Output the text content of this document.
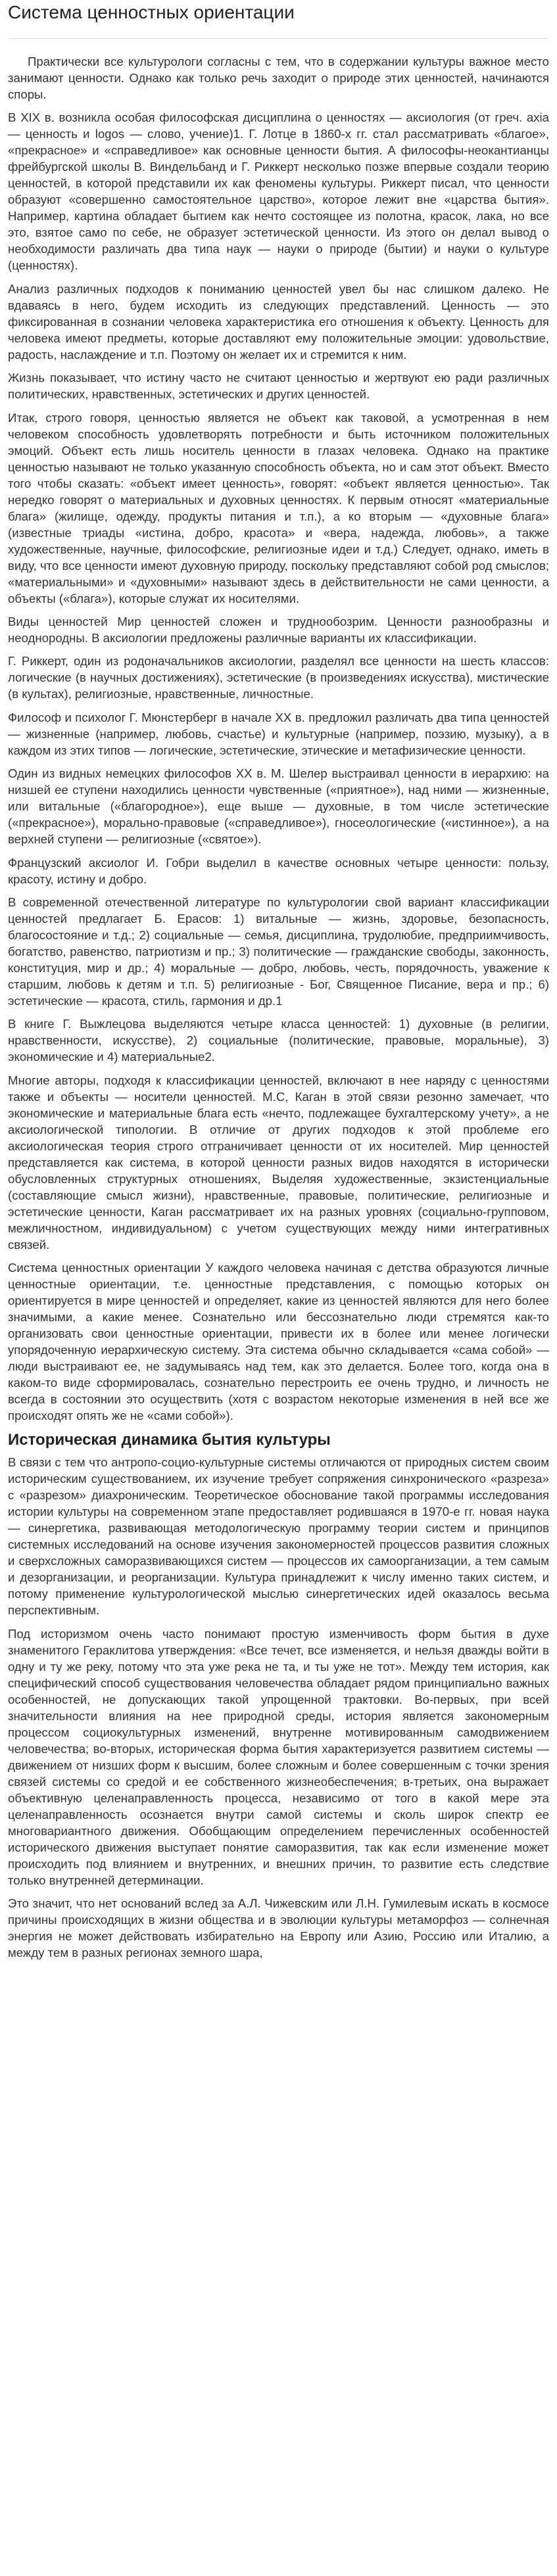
Система ценностных ориентации

Практически все культурологи согласны с тем, что в содержании культуры важное место занимают ценности. Однако как только речь заходит о природе этих ценностей, начинаются споры.

В XIX в. возникла особая философская дисциплина о ценностях — аксиология (от греч. axia — ценность и logos — слово, учение)1. Г. Лотце в 1860-х гг. стал рассматривать «благое», «прекрасное» и «справедливое» как основные ценности бытия. А философы-неокантианцы фрейбургской школы В. Виндельбанд и Г. Риккерт несколько позже впервые создали теорию ценностей, в которой представили их как феномены культуры. Риккерт писал, что ценности образуют «совершенно самостоятельное царство», которое лежит вне «царства бытия». Например, картина обладает бытием как нечто состоящее из полотна, красок, лака, но все это, взятое само по себе, не образует эстетической ценности. Из этого он делал вывод о необходимости различать два типа наук — науки о природе (бытии) и науки о культуре (ценностях).

Анализ различных подходов к пониманию ценностей увел бы нас слишком далеко. Не вдаваясь в него, будем исходить из следующих представлений. Ценность — это фиксированная в сознании человека характеристика его отношения к объекту. Ценность для человека имеют предметы, которые доставляют ему положительные эмоции: удовольствие, радость, наслаждение и т.п. Поэтому он желает их и стремится к ним.

Жизнь показывает, что истину часто не считают ценностью и жертвуют ею ради различных политических, нравственных, эстетических и других ценностей.

Итак, строго говоря, ценностью является не объект как таковой, а усмотренная в нем человеком способность удовлетворять потребности и быть источником положительных эмоций. Объект есть лишь носитель ценности в глазах человека. Однако на практике ценностью называют не только указанную способность объекта, но и сам этот объект. Вместо того чтобы сказать: «объект имеет ценность», говорят: «объект является ценностью». Так нередко говорят о материальных и духовных ценностях. К первым относят «материальные блага» (жилище, одежду, продукты питания и т.п.), а ко вторым — «духовные блага» (известные триады «истина, добро, красота» и «вера, надежда, любовь», а также художественные, научные, философские, религиозные идеи и т.д.) Следует, однако, иметь в виду, что все ценности имеют духовную природу, поскольку представляют собой род смыслов; «материальными» и «духовными» называют здесь в действительности не сами ценности, а объекты («блага»), которые служат их носителями.

Виды ценностей Мир ценностей сложен и труднообозрим. Ценности разнообразны и неоднородны. В аксиологии предложены различные варианты их классификации.

Г. Риккерт, один из родоначальников аксиологии, разделял все ценности на шесть классов: логические (в научных достижениях), эстетические (в произведениях искусства), мистические (в культах), религиозные, нравственные, личностные.

Философ и психолог Г. Мюнстерберг в начале XX в. предложил различать два типа ценностей — жизненные (например, любовь, счастье) и культурные (например, поэзию, музыку), а в каждом из этих типов — логические, эстетические, этические и метафизические ценности.

Один из видных немецких философов XX в. М. Шелер выстраивал ценности в иерархию: на низшей ее ступени находились ценности чувственные («приятное»), над ними — жизненные, или витальные («благородное»), еще выше — духовные, в том числе эстетические («прекрасное»), морально-правовые («справедливое»), гносеологические («истинное»), а на верхней ступени — религиозные («святое»).

Французский аксиолог И. Гобри выделил в качестве основных четыре ценности: пользу, красоту, истину и добро.

В современной отечественной литературе по культурологии свой вариант классификации ценностей предлагает Б. Ерасов: 1) витальные — жизнь, здоровье, безопасность, благосостояние и т.д.; 2) социальные — семья, дисциплина, трудолюбие, предприимчивость, богатство, равенство, патриотизм и пр.; 3) политические — гражданские свободы, законность, конституция, мир и др.; 4) моральные — добро, любовь, честь, порядочность, уважение к старшим, любовь к детям и т.п. 5) религиозные - Бог, Священное Писание, вера и пр.; 6) эстетические — красота, стиль, гармония и др.1

В книге Г. Выжлецова выделяются четыре класса ценностей: 1) духовные (в религии, нравственности, искусстве), 2) социальные (политические, правовые, моральные), 3) экономические и 4) материальные2.

Многие авторы, подходя к классификации ценностей, включают в нее наряду с ценностями также и объекты — носители ценностей. М.С, Каган в этой связи резонно замечает, что экономические и материальные блага есть «нечто, подлежащее бухгалтерскому учету», а не аксиологической типологии. В отличие от других подходов к этой проблеме его аксиологическая теория строго отграничивает ценности от их носителей. Мир ценностей представляется как система, в которой ценности разных видов находятся в исторически обусловленных структурных отношениях, Выделяя художественные, экзистенциальные (составляющие смысл жизни), нравственные, правовые, политические, религиозные и эстетические ценности, Каган рассматривает их на разных уровнях (социально-групповом, межличностном, индивидуальном) с учетом существующих между ними интегративных связей.

Система ценностных ориентации У каждого человека начиная с детства образуются личные ценностные ориентации, т.е. ценностные представления, с помощью которых он ориентируется в мире ценностей и определяет, какие из ценностей являются для него более значимыми, а какие менее. Сознательно или бессознательно люди стремятся как-то организовать свои ценностные ориентации, привести их в более или менее логически упорядоченную иерархическую систему. Эта система обычно складывается «сама собой» — люди выстраивают ее, не задумываясь над тем, как это делается. Более того, когда она в каком-то виде сформировалась, сознательно перестроить ее очень трудно, и личность не всегда в состоянии это осуществить (хотя с возрастом некоторые изменения в ней все же происходят опять же не «сами собой»).

Историческая динамика бытия культуры

В связи с тем что антропо-социо-культурные системы отличаются от природных систем своим историческим существованием, их изучение требует сопряжения синхронического «разреза» с «разрезом» диахроническим. Теоретическое обоснование такой программы исследования истории культуры на современном этапе предоставляет родившаяся в 1970-е гг. новая наука — синергетика, развивающая методологическую программу теории систем и принципов системных исследований на основе изучения закономерностей процессов развития сложных и сверхсложных саморазвивающихся систем — процессов их самоорганизации, а тем самым и дезорганизации, и реорганизации. Культура принадлежит к числу именно таких систем, и потому применение культурологической мыслью синергетических идей оказалось весьма перспективным.

Под историзмом очень часто понимают простую изменчивость форм бытия в духе знаменитого Гераклитова утверждения: «Все течет, все изменяется, и нельзя дважды войти в одну и ту же реку, потому что эта уже река не та, и ты уже не тот». Между тем история, как специфический способ существования человечества обладает рядом принципиально важных особенностей, не допускающих такой упрощенной трактовки. Во-первых, при всей значительности влияния на нее природной среды, история является закономерным процессом социокультурных изменений, внутренне мотивированным самодвижением человечества; во-вторых, историческая форма бытия характеризуется развитием системы — движением от низших форм к высшим, более сложным и более совершенным с точки зрения связей системы со средой и ее собственного жизнеобеспечения; в-третьих, она выражает объективную целенаправленность процесса, независимо от того в какой мере эта целенаправленность осознается внутри самой системы и сколь широк спектр ее многовариантного движения. Обобщающим определением перечисленных особенностей исторического движения выступает понятие саморазвития, так как если изменение может происходить под влиянием и внутренних, и внешних причин, то развитие есть следствие только внутренней детерминации.

Это значит, что нет оснований вслед за А.Л. Чижевским или Л.Н. Гумилевым искать в космосе причины происходящих в жизни общества и в эволюции культуры метаморфоз — солнечная энергия не может действовать избирательно на Европу или Азию, Россию или Италию, а между тем в разных регионах земного шара,
